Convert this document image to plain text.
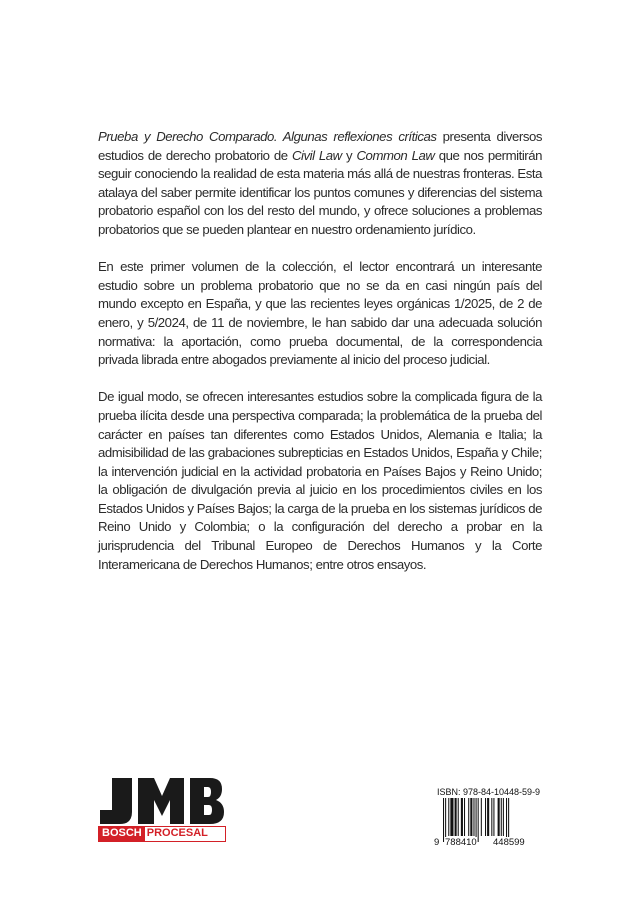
Prueba y Derecho Comparado. Algunas reflexiones críticas presenta diversos estudios de derecho probatorio de Civil Law y Common Law que nos permitirán seguir conociendo la realidad de esta materia más allá de nuestras fronteras. Esta atalaya del saber permite identificar los puntos comunes y diferencias del sistema probatorio español con los del resto del mundo, y ofrece soluciones a problemas probatorios que se pueden plantear en nuestro ordenamiento jurídico.

En este primer volumen de la colección, el lector encontrará un interesante estudio sobre un problema probatorio que no se da en casi ningún país del mundo excepto en España, y que las recientes leyes orgánicas 1/2025, de 2 de enero, y 5/2024, de 11 de noviembre, le han sabido dar una adecuada solución normativa: la aportación, como prueba documental, de la correspondencia privada librada entre abogados previamente al inicio del proceso judicial.

De igual modo, se ofrecen interesantes estudios sobre la complicada figura de la prueba ilícita desde una perspectiva comparada; la problemática de la prueba del carácter en países tan diferentes como Estados Unidos, Alemania e Italia; la admisibilidad de las grabaciones subrepticias en Estados Unidos, España y Chile; la intervención judicial en la actividad probatoria en Países Bajos y Reino Unido; la obligación de divulgación previa al juicio en los procedimientos civiles en los Estados Unidos y Países Bajos; la carga de la prueba en los sistemas jurídicos de Reino Unido y Colombia; o la configuración del derecho a probar en la jurisprudencia del Tribunal Europeo de Derechos Humanos y la Corte Interamericana de Derechos Humanos; entre otros ensayos.

BOSCH PROCESAL
ISBN: 978-84-10448-59-9
9 788410 448599
